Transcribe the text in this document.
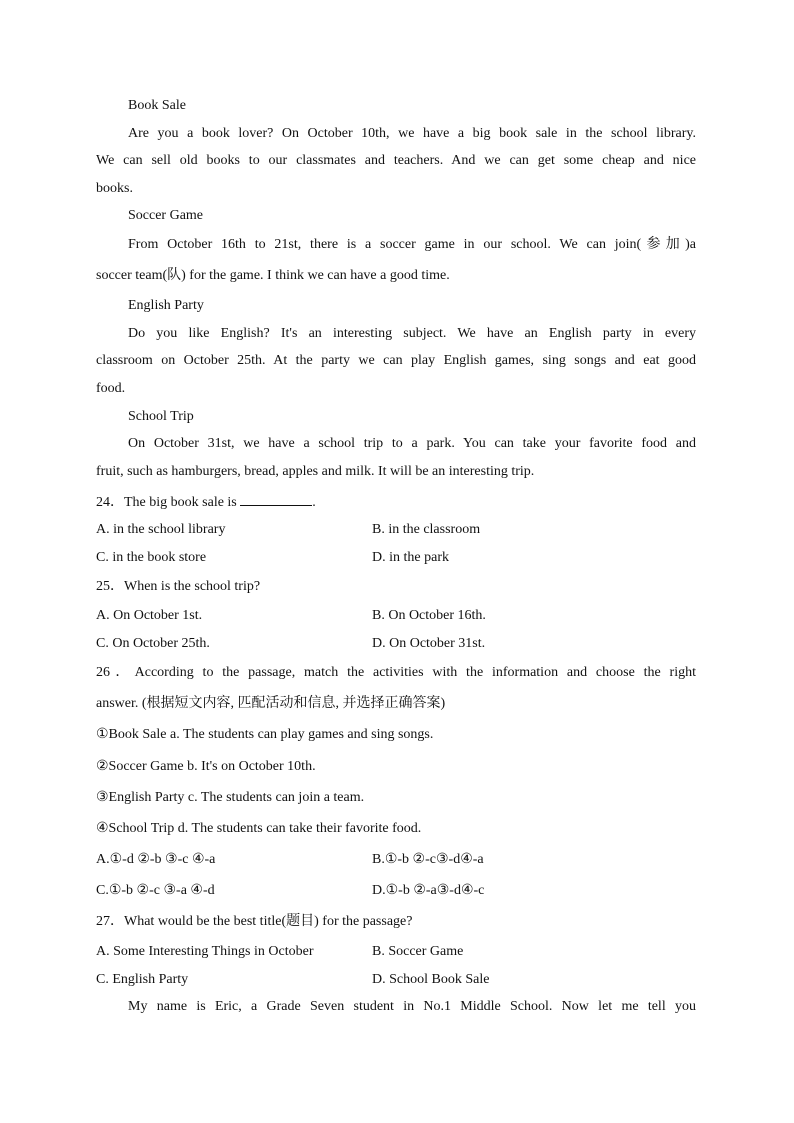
Book Sale
Are you a book lover? On October 10th, we have a big book sale in the school library.
We can sell old books to our classmates and teachers. And we can get some cheap and nice
books.
Soccer Game
From October 16th to 21st, there is a soccer game in our school. We can join(参加)a
soccer team(队) for the game. I think we can have a good time.
English Party
Do you like English? It's an interesting subject. We have an English party in every
classroom on October 25th. At the party we can play English games, sing songs and eat good
food.
School Trip
On October 31st, we have a school trip to a park. You can take your favorite food and
fruit, such as hamburgers, bread, apples and milk. It will be an interesting trip.
24．The big book sale is	.
A. in the school library	B. in the classroom
C. in the book store	D. in the park
25．When is the school trip?
A. On October 1st.	B. On October 16th.
C. On October 25th.	D. On October 31st.
26．According to the passage, match the activities with the information and choose the right
answer. (根据短文内容, 匹配活动和信息, 并选择正确答案)
①Book Sale a. The students can play games and sing songs.
②Soccer Game b. It's on October 10th.
③English Party c. The students can join a team.
④School Trip d. The students can take their favorite food.
A.①-d ②-b ③-c ④-a	B.①-b ②-c③-d④-a
C.①-b ②-c ③-a ④-d	D.①-b ②-a③-d④-c
27．What would be the best title(题目) for the passage?
A. Some Interesting Things in October	B. Soccer Game
C. English Party	D. School Book Sale
My name is Eric, a Grade Seven student in No.1 Middle School. Now let me tell you
